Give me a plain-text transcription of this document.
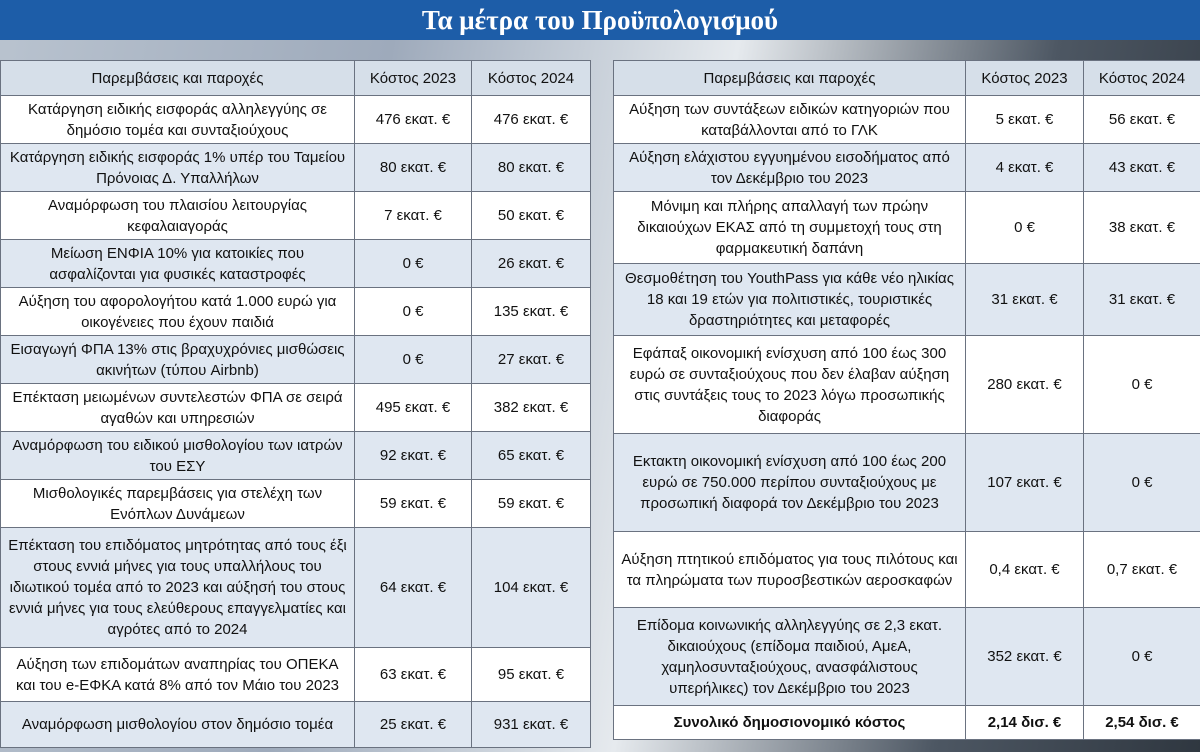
Τα μέτρα του Προϋπολογισμού
Παρεμβάσεις και παροχές	Κόστος 2023	Κόστος 2024
Κατάργηση ειδικής εισφοράς αλληλεγγύης σε δημόσιο τομέα και συνταξιούχους	476 εκατ. €	476 εκατ. €
Κατάργηση ειδικής εισφοράς 1% υπέρ του Ταμείου Πρόνοιας Δ. Υπαλλήλων	80 εκατ. €	80 εκατ. €
Αναμόρφωση του πλαισίου λειτουργίας κεφαλαιαγοράς	7 εκατ. €	50 εκατ. €
Μείωση ΕΝΦΙΑ 10% για κατοικίες που ασφαλίζονται για φυσικές καταστροφές	0 €	26 εκατ. €
Αύξηση του αφορολογήτου κατά 1.000 ευρώ για οικογένειες που έχουν παιδιά	0 €	135 εκατ. €
Εισαγωγή ΦΠΑ 13% στις βραχυχρόνιες μισθώσεις ακινήτων (τύπου Airbnb)	0 €	27 εκατ. €
Επέκταση μειωμένων συντελεστών ΦΠΑ σε σειρά αγαθών και υπηρεσιών	495 εκατ. €	382 εκατ. €
Αναμόρφωση του ειδικού μισθολογίου των ιατρών του ΕΣΥ	92 εκατ. €	65 εκατ. €
Μισθολογικές παρεμβάσεις για στελέχη των Ενόπλων Δυνάμεων	59 εκατ. €	59 εκατ. €
Επέκταση του επιδόματος μητρότητας από τους έξι στους εννιά μήνες για τους υπαλλήλους του ιδιωτικού τομέα από το 2023 και αύξησή του στους εννιά μήνες για τους ελεύθερους επαγγελματίες και αγρότες από το 2024	64 εκατ. €	104 εκατ. €
Αύξηση των επιδομάτων αναπηρίας του ΟΠΕΚΑ και του e-ΕΦΚΑ κατά 8% από τον Μάιο του 2023	63 εκατ. €	95 εκατ. €
Αναμόρφωση μισθολογίου στον δημόσιο τομέα	25 εκατ. €	931 εκατ. €
Παρεμβάσεις και παροχές	Κόστος 2023	Κόστος 2024
Αύξηση των συντάξεων ειδικών κατηγοριών που καταβάλλονται από το ΓΛΚ	5 εκατ. €	56 εκατ. €
Αύξηση ελάχιστου εγγυημένου εισοδήματος από τον Δεκέμβριο του 2023	4 εκατ. €	43 εκατ. €
Μόνιμη και πλήρης απαλλαγή των πρώην δικαιούχων ΕΚΑΣ από τη συμμετοχή τους στη φαρμακευτική δαπάνη	0 €	38 εκατ. €
Θεσμοθέτηση του YouthPass για κάθε νέο ηλικίας 18 και 19 ετών για πολιτιστικές, τουριστικές δραστηριότητες και μεταφορές	31 εκατ. €	31 εκατ. €
Εφάπαξ οικονομική ενίσχυση από 100 έως 300 ευρώ σε συνταξιούχους που δεν έλαβαν αύξηση στις συντάξεις τους το 2023 λόγω προσωπικής διαφοράς	280 εκατ. €	0 €
Εκτακτη οικονομική ενίσχυση από 100 έως 200 ευρώ σε 750.000 περίπου συνταξιούχους με προσωπική διαφορά τον Δεκέμβριο του 2023	107 εκατ. €	0 €
Αύξηση πτητικού επιδόματος για τους πιλότους και τα πληρώματα των πυροσβεστικών αεροσκαφών	0,4 εκατ. €	0,7 εκατ. €
Επίδομα κοινωνικής αλληλεγγύης σε 2,3 εκατ. δικαιούχους (επίδομα παιδιού, ΑμεΑ, χαμηλοσυνταξιούχους, ανασφάλιστους υπερήλικες) τον Δεκέμβριο του 2023	352 εκατ. €	0 €
Συνολικό δημοσιονομικό κόστος	2,14 δισ. €	2,54 δισ. €
